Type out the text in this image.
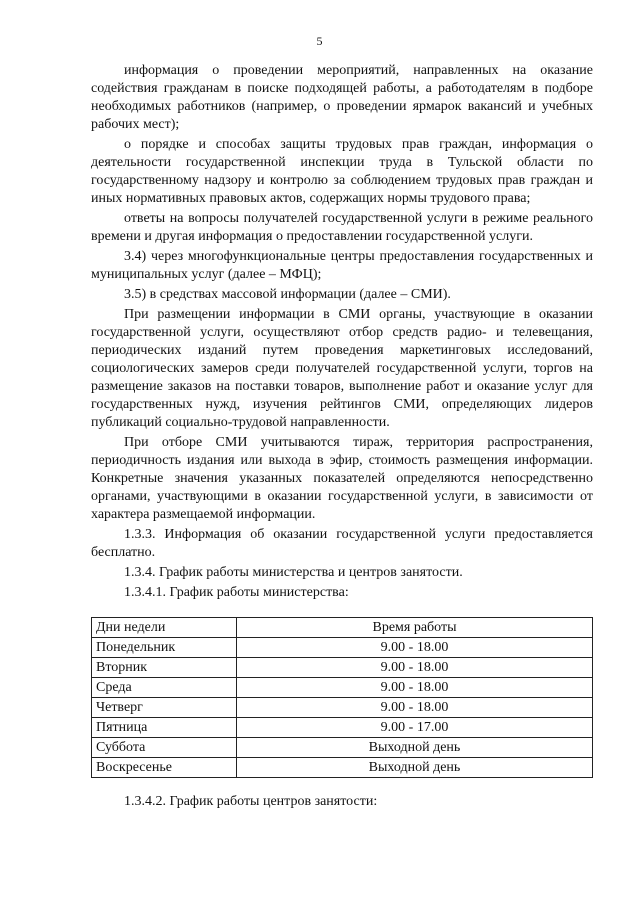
5

информация о проведении мероприятий, направленных на оказание содействия гражданам в поиске подходящей работы, а работодателям в подборе необходимых работников (например, о проведении ярмарок вакансий и учебных рабочих мест);

о порядке и способах защиты трудовых прав граждан, информация о деятельности государственной инспекции труда в Тульской области по государственному надзору и контролю за соблюдением трудовых прав граждан и иных нормативных правовых актов, содержащих нормы трудового права;

ответы на вопросы получателей государственной услуги в режиме реального времени и другая информация о предоставлении государственной услуги.

3.4) через многофункциональные центры предоставления государственных и муниципальных услуг (далее – МФЦ);

3.5) в средствах массовой информации (далее – СМИ).

При размещении информации в СМИ органы, участвующие в оказании государственной услуги, осуществляют отбор средств радио- и телевещания, периодических изданий путем проведения маркетинговых исследований, социологических замеров среди получателей государственной услуги, торгов на размещение заказов на поставки товаров, выполнение работ и оказание услуг для государственных нужд, изучения рейтингов СМИ, определяющих лидеров публикаций социально-трудовой направленности.

При отборе СМИ учитываются тираж, территория распространения, периодичность издания или выхода в эфир, стоимость размещения информации. Конкретные значения указанных показателей определяются непосредственно органами, участвующими в оказании государственной услуги, в зависимости от характера размещаемой информации.

1.3.3. Информация об оказании государственной услуги предоставляется бесплатно.

1.3.4. График работы министерства и центров занятости.

1.3.4.1. График работы министерства:

Дни недели	Время работы
Понедельник	9.00 - 18.00
Вторник	9.00 - 18.00
Среда	9.00 - 18.00
Четверг	9.00 - 18.00
Пятница	9.00 - 17.00
Суббота	Выходной день
Воскресенье	Выходной день
1.3.4.2. График работы центров занятости:
